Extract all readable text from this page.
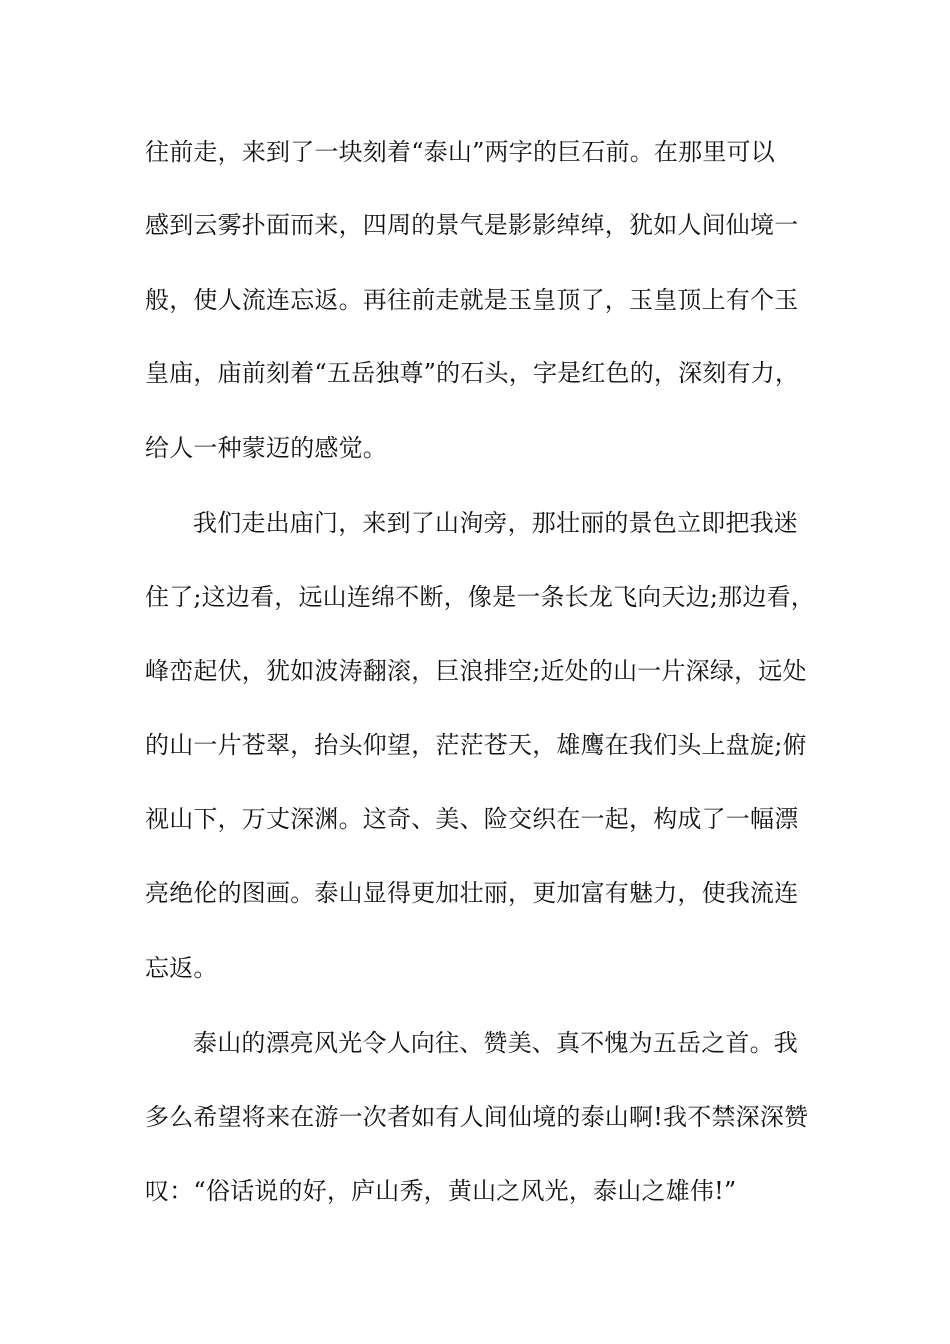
往前走，来到了一块刻着“泰山”两字的巨石前。在那里可以
感到云雾扑面而来，四周的景气是影影绰绰，犹如人间仙境一
般，使人流连忘返。再往前走就是玉皇顶了，玉皇顶上有个玉
皇庙，庙前刻着“五岳独尊”的石头，字是红色的，深刻有力，
给人一种蒙迈的感觉。
我们走出庙门，来到了山洵旁，那壮丽的景色立即把我迷
住了;这边看，远山连绵不断，像是一条长龙飞向天边;那边看，
峰峦起伏，犹如波涛翻滚，巨浪排空;近处的山一片深绿，远处
的山一片苍翠，抬头仰望，茫茫苍天，雄鹰在我们头上盘旋;俯
视山下，万丈深渊。这奇、美、险交织在一起，构成了一幅漂
亮绝伦的图画。泰山显得更加壮丽，更加富有魅力，使我流连
忘返。
泰山的漂亮风光令人向往、赞美、真不愧为五岳之首。我
多么希望将来在游一次者如有人间仙境的泰山啊!我不禁深深赞
叹：“俗话说的好，庐山秀，黄山之风光，泰山之雄伟!”
